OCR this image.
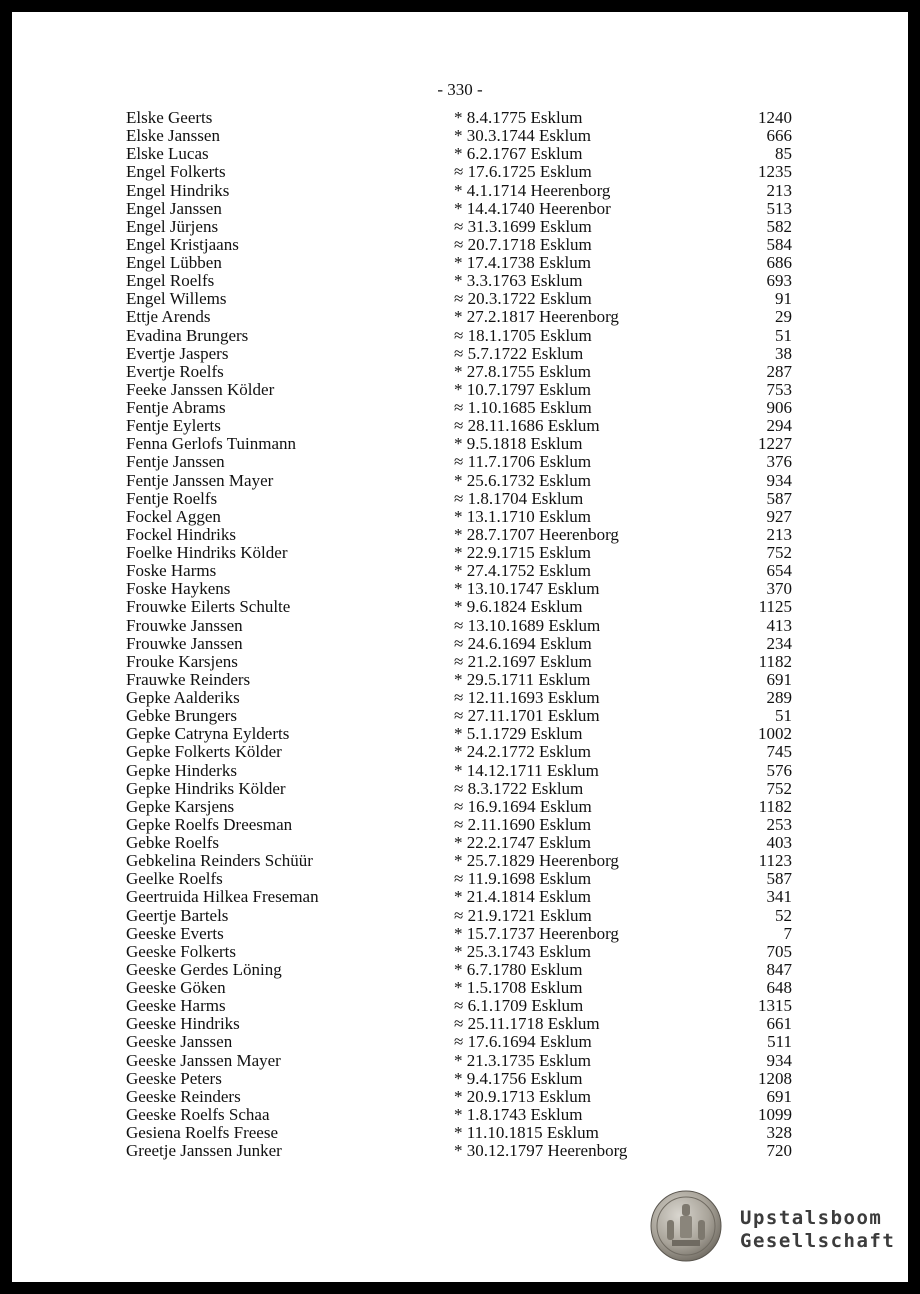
- 330 -
Elske Geerts	* 8.4.1775 Esklum	1240
Elske Janssen	* 30.3.1744 Esklum	666
Elske Lucas	* 6.2.1767 Esklum	85
Engel Folkerts	≈ 17.6.1725 Esklum	1235
Engel Hindriks	* 4.1.1714 Heerenborg	213
Engel Janssen	* 14.4.1740 Heerenbor	513
Engel Jürjens	≈ 31.3.1699 Esklum	582
Engel Kristjaans	≈ 20.7.1718 Esklum	584
Engel Lübben	* 17.4.1738 Esklum	686
Engel Roelfs	* 3.3.1763 Esklum	693
Engel Willems	≈ 20.3.1722 Esklum	91
Ettje Arends	* 27.2.1817 Heerenborg	29
Evadina Brungers	≈ 18.1.1705 Esklum	51
Evertje Jaspers	≈ 5.7.1722 Esklum	38
Evertje Roelfs	* 27.8.1755 Esklum	287
Feeke Janssen Kölder	* 10.7.1797 Esklum	753
Fentje Abrams	≈ 1.10.1685 Esklum	906
Fentje Eylerts	≈ 28.11.1686 Esklum	294
Fenna Gerlofs Tuinmann	* 9.5.1818 Esklum	1227
Fentje Janssen	≈ 11.7.1706 Esklum	376
Fentje Janssen Mayer	* 25.6.1732 Esklum	934
Fentje Roelfs	≈ 1.8.1704 Esklum	587
Fockel Aggen	* 13.1.1710 Esklum	927
Fockel Hindriks	* 28.7.1707 Heerenborg	213
Foelke Hindriks Kölder	* 22.9.1715 Esklum	752
Foske Harms	* 27.4.1752 Esklum	654
Foske Haykens	* 13.10.1747 Esklum	370
Frouwke Eilerts Schulte	* 9.6.1824 Esklum	1125
Frouwke Janssen	≈ 13.10.1689 Esklum	413
Frouwke Janssen	≈ 24.6.1694 Esklum	234
Frouke Karsjens	≈ 21.2.1697 Esklum	1182
Frauwke Reinders	* 29.5.1711 Esklum	691
Gepke Aalderiks	≈ 12.11.1693 Esklum	289
Gebke Brungers	≈ 27.11.1701 Esklum	51
Gepke Catryna Eylderts	* 5.1.1729 Esklum	1002
Gepke Folkerts Kölder	* 24.2.1772 Esklum	745
Gepke Hinderks	* 14.12.1711 Esklum	576
Gepke Hindriks Kölder	≈ 8.3.1722 Esklum	752
Gepke Karsjens	≈ 16.9.1694 Esklum	1182
Gepke Roelfs Dreesman	≈ 2.11.1690 Esklum	253
Gebke Roelfs	* 22.2.1747 Esklum	403
Gebkelina Reinders Schüür	* 25.7.1829 Heerenborg	1123
Geelke Roelfs	≈ 11.9.1698 Esklum	587
Geertruida Hilkea Freseman	* 21.4.1814 Esklum	341
Geertje Bartels	≈ 21.9.1721 Esklum	52
Geeske Everts	* 15.7.1737 Heerenborg	7
Geeske Folkerts	* 25.3.1743 Esklum	705
Geeske Gerdes Löning	* 6.7.1780 Esklum	847
Geeske Göken	* 1.5.1708 Esklum	648
Geeske Harms	≈ 6.1.1709 Esklum	1315
Geeske Hindriks	≈ 25.11.1718 Esklum	661
Geeske Janssen	≈ 17.6.1694 Esklum	511
Geeske Janssen Mayer	* 21.3.1735 Esklum	934
Geeske Peters	* 9.4.1756 Esklum	1208
Geeske Reinders	* 20.9.1713 Esklum	691
Geeske Roelfs Schaa	* 1.8.1743 Esklum	1099
Gesiena Roelfs Freese	* 11.10.1815 Esklum	328
Greetje Janssen Junker	* 30.12.1797 Heerenborg	720
Upstalsboom
Gesellschaft
